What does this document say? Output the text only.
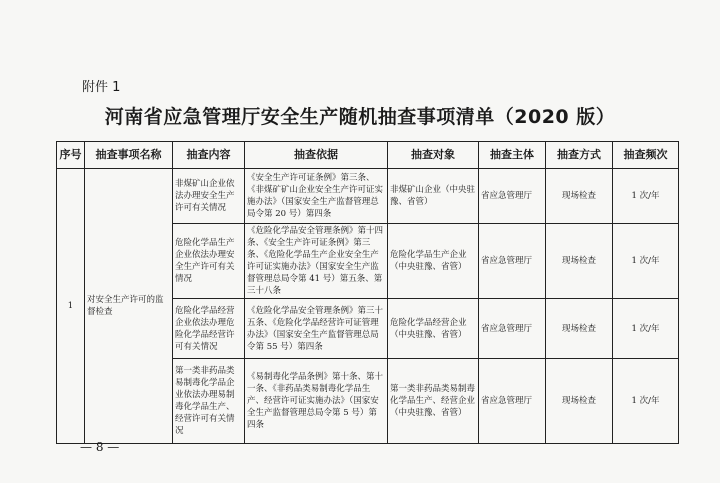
附件 1
河南省应急管理厅安全生产随机抽查事项清单（2020 版）
序号	抽查事项名称	抽查内容	抽查依据	抽查对象	抽查主体	抽查方式	抽查频次
1	对安全生产许可的监督检查	非煤矿山企业依法办理安全生产许可有关情况	《安全生产许可证条例》第三条、《非煤矿矿山企业安全生产许可证实施办法》（国家安全生产监督管理总局令第 20 号）第四条	非煤矿山企业（中央驻豫、省管）	省应急管理厅	现场检查	1 次/年
		危险化学品生产企业依法办理安全生产许可有关情况	《危险化学品安全管理条例》第十四条、《安全生产许可证条例》第三条、《危险化学品生产企业安全生产许可证实施办法》（国家安全生产监督管理总局令第 41 号）第五条、第三十八条	危险化学品生产企业（中央驻豫、省管）	省应急管理厅	现场检查	1 次/年
		危险化学品经营企业依法办理危险化学品经营许可有关情况	《危险化学品安全管理条例》第三十五条、《危险化学品经营许可证管理办法》（国家安全生产监督管理总局令第 55 号）第四条	危险化学品经营企业（中央驻豫、省管）	省应急管理厅	现场检查	1 次/年
		第一类非药品类易制毒化学品企业依法办理易制毒化学品生产、经营许可有关情况	《易制毒化学品条例》第十条、第十一条、《非药品类易制毒化学品生产、经营许可证实施办法》（国家安全生产监督管理总局令第 5 号）第四条	第一类非药品类易制毒化学品生产、经营企业（中央驻豫、省管）	省应急管理厅	现场检查	1 次/年
— 8 —
